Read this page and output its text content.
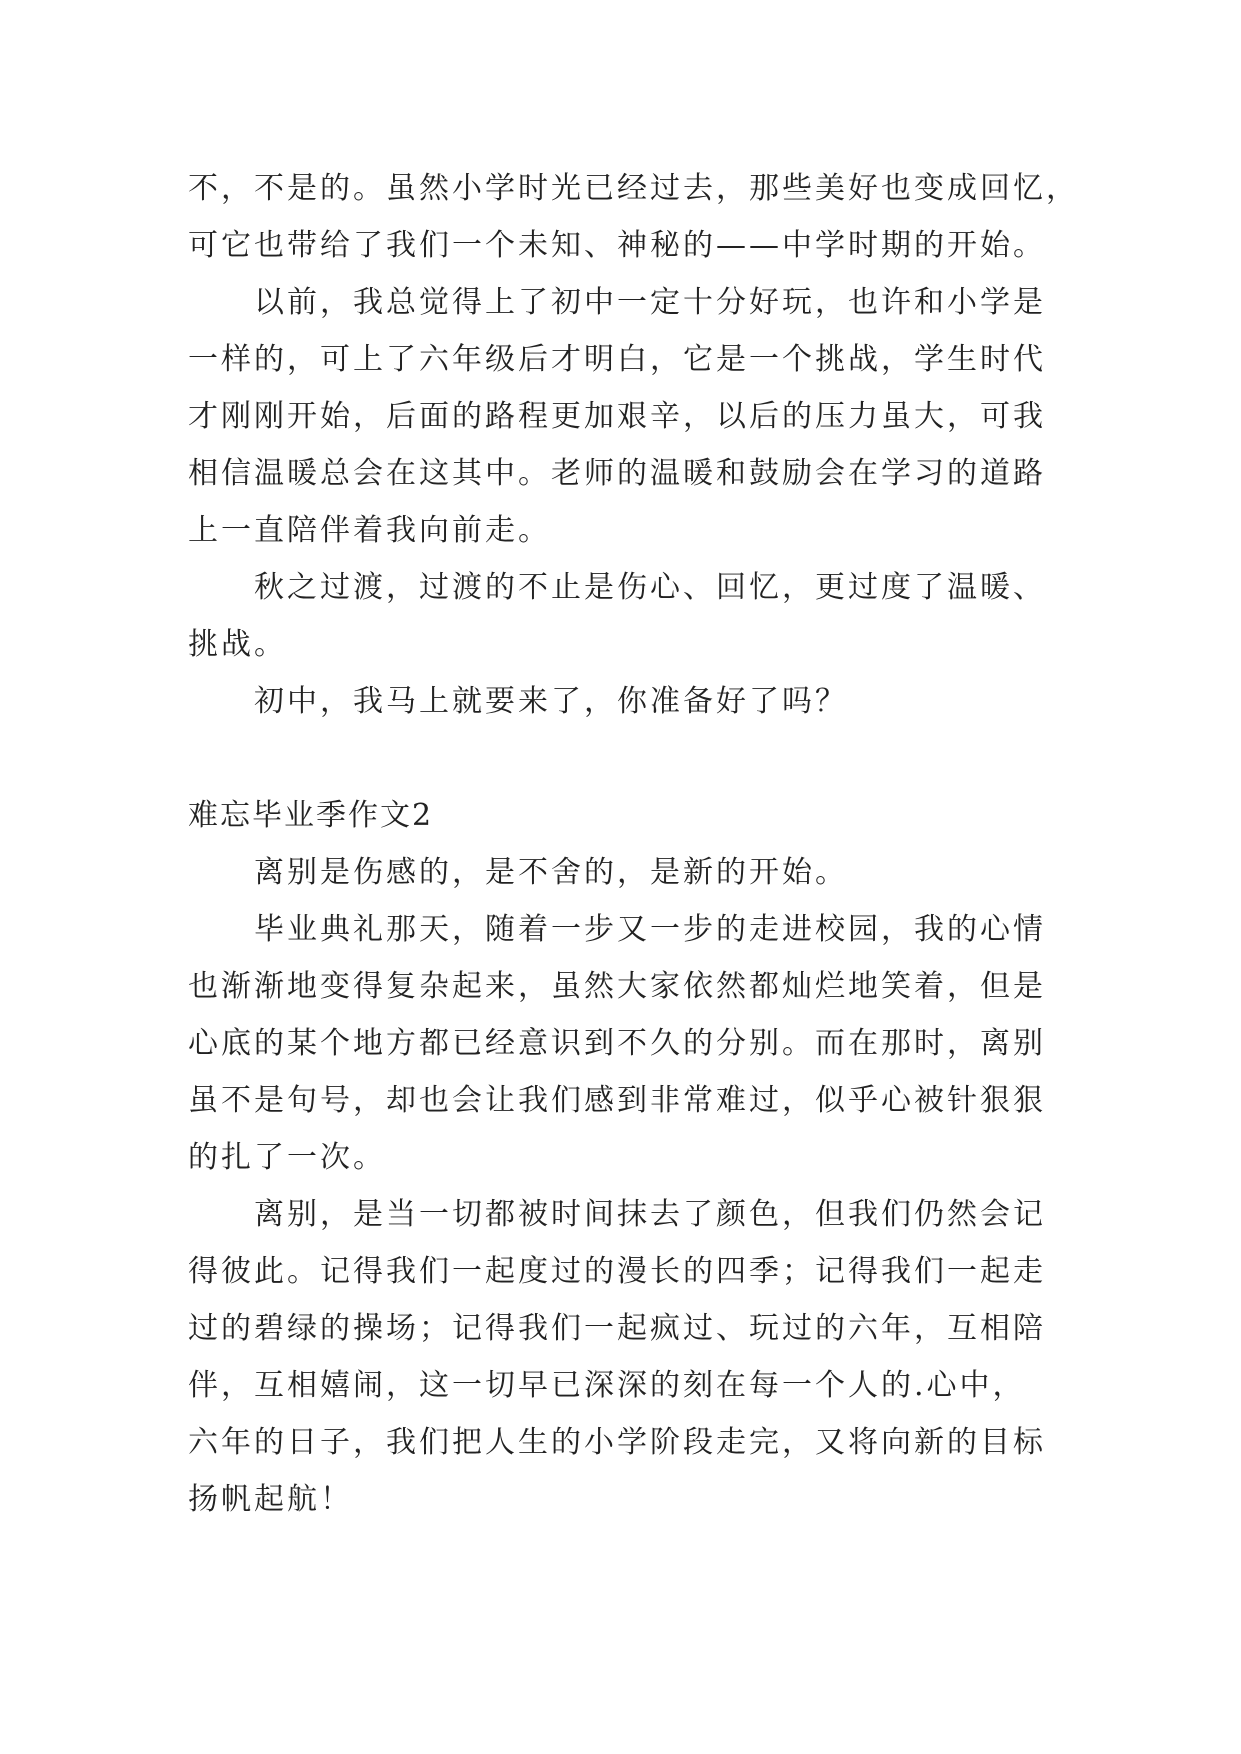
不，不是的。虽然小学时光已经过去，那些美好也变成回忆，
可它也带给了我们一个未知、神秘的——中学时期的开始。
以前，我总觉得上了初中一定十分好玩，也许和小学是
一样的，可上了六年级后才明白，它是一个挑战，学生时代
才刚刚开始，后面的路程更加艰辛，以后的压力虽大，可我
相信温暖总会在这其中。老师的温暖和鼓励会在学习的道路
上一直陪伴着我向前走。
秋之过渡，过渡的不止是伤心、回忆，更过度了温暖、
挑战。
初中，我马上就要来了，你准备好了吗？
难忘毕业季作文2
离别是伤感的，是不舍的，是新的开始。
毕业典礼那天，随着一步又一步的走进校园，我的心情
也渐渐地变得复杂起来，虽然大家依然都灿烂地笑着，但是
心底的某个地方都已经意识到不久的分别。而在那时，离别
虽不是句号，却也会让我们感到非常难过，似乎心被针狠狠
的扎了一次。
离别，是当一切都被时间抹去了颜色，但我们仍然会记
得彼此。记得我们一起度过的漫长的四季；记得我们一起走
过的碧绿的操场；记得我们一起疯过、玩过的六年，互相陪
伴，互相嬉闹，这一切早已深深的刻在每一个人的.心中，
六年的日子，我们把人生的小学阶段走完，又将向新的目标
扬帆起航！
